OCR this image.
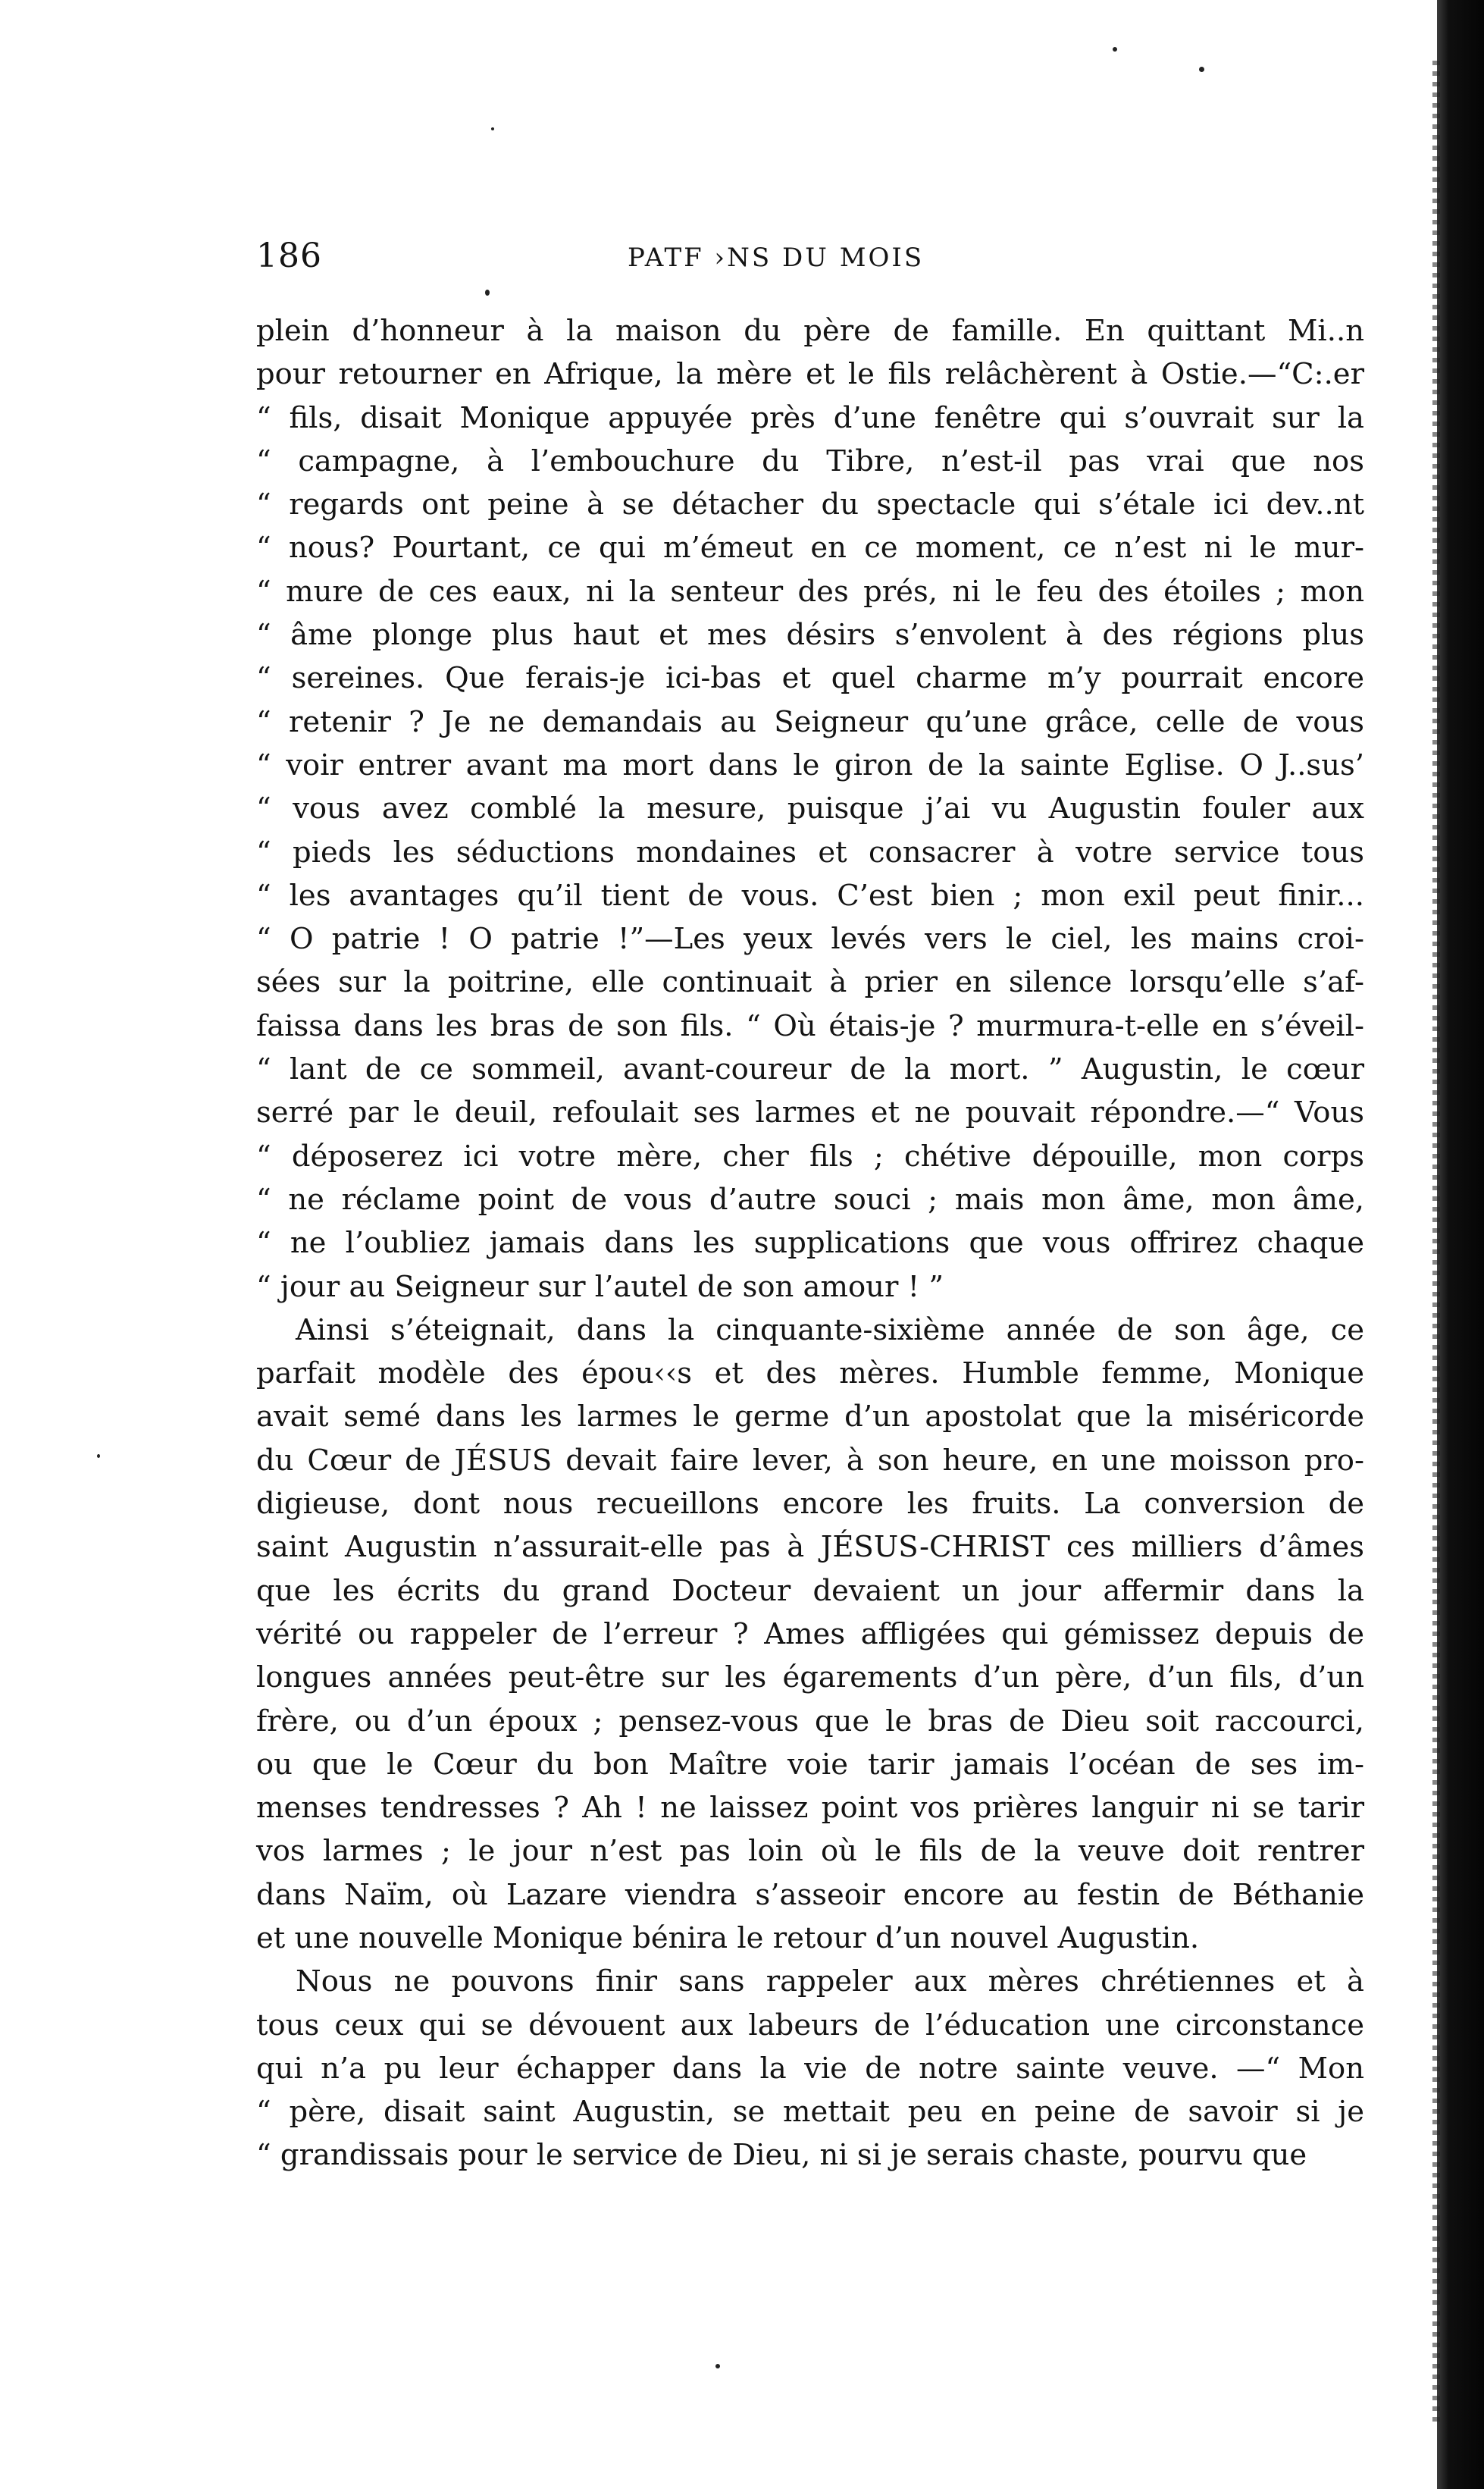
186	PATF ›NS DU MOIS
plein d’honneur à la maison du père de famille. En quittant Mi..n
pour retourner en Afrique, la mère et le fils relâchèrent à Ostie.—“C:.er
“ fils, disait Monique appuyée près d’une fenêtre qui s’ouvrait sur la
“ campagne, à l’embouchure du Tibre, n’est-il pas vrai que nos
“ regards ont peine à se détacher du spectacle qui s’étale ici dev..nt
“ nous? Pourtant, ce qui m’émeut en ce moment, ce n’est ni le mur-
“ mure de ces eaux, ni la senteur des prés, ni le feu des étoiles ; mon
“ âme plonge plus haut et mes désirs s’envolent à des régions plus
“ sereines. Que ferais-je ici-bas et quel charme m’y pourrait encore
“ retenir ? Je ne demandais au Seigneur qu’une grâce, celle de vous
“ voir entrer avant ma mort dans le giron de la sainte Eglise. O J..sus’
“ vous avez comblé la mesure, puisque j’ai vu Augustin fouler aux
“ pieds les séductions mondaines et consacrer à votre service tous
“ les avantages qu’il tient de vous. C’est bien ; mon exil peut finir...
“ O patrie ! O patrie !”—Les yeux levés vers le ciel, les mains croi-
sées sur la poitrine, elle continuait à prier en silence lorsqu’elle s’af-
faissa dans les bras de son fils. “ Où étais-je ? murmura-t-elle en s’éveil-
“ lant de ce sommeil, avant-coureur de la mort. ” Augustin, le cœur
serré par le deuil, refoulait ses larmes et ne pouvait répondre.—“ Vous
“ déposerez ici votre mère, cher fils ; chétive dépouille, mon corps
“ ne réclame point de vous d’autre souci ; mais mon âme, mon âme,
“ ne l’oubliez jamais dans les supplications que vous offrirez chaque
“ jour au Seigneur sur l’autel de son amour ! ”
Ainsi s’éteignait, dans la cinquante-sixième année de son âge, ce
parfait modèle des épou‹‹s et des mères. Humble femme, Monique
avait semé dans les larmes le germe d’un apostolat que la miséricorde
du Cœur de JÉSUS devait faire lever, à son heure, en une moisson pro-
digieuse, dont nous recueillons encore les fruits. La conversion de
saint Augustin n’assurait-elle pas à JÉSUS-CHRIST ces milliers d’âmes
que les écrits du grand Docteur devaient un jour affermir dans la
vérité ou rappeler de l’erreur ? Ames affligées qui gémissez depuis de
longues années peut-être sur les égarements d’un père, d’un fils, d’un
frère, ou d’un époux ; pensez-vous que le bras de Dieu soit raccourci,
ou que le Cœur du bon Maître voie tarir jamais l’océan de ses im-
menses tendresses ? Ah ! ne laissez point vos prières languir ni se tarir
vos larmes ; le jour n’est pas loin où le fils de la veuve doit rentrer
dans Naïm, où Lazare viendra s’asseoir encore au festin de Béthanie
et une nouvelle Monique bénira le retour d’un nouvel Augustin.
Nous ne pouvons finir sans rappeler aux mères chrétiennes et à
tous ceux qui se dévouent aux labeurs de l’éducation une circonstance
qui n’a pu leur échapper dans la vie de notre sainte veuve. —“ Mon
“ père, disait saint Augustin, se mettait peu en peine de savoir si je
“ grandissais pour le service de Dieu, ni si je serais chaste, pourvu que
